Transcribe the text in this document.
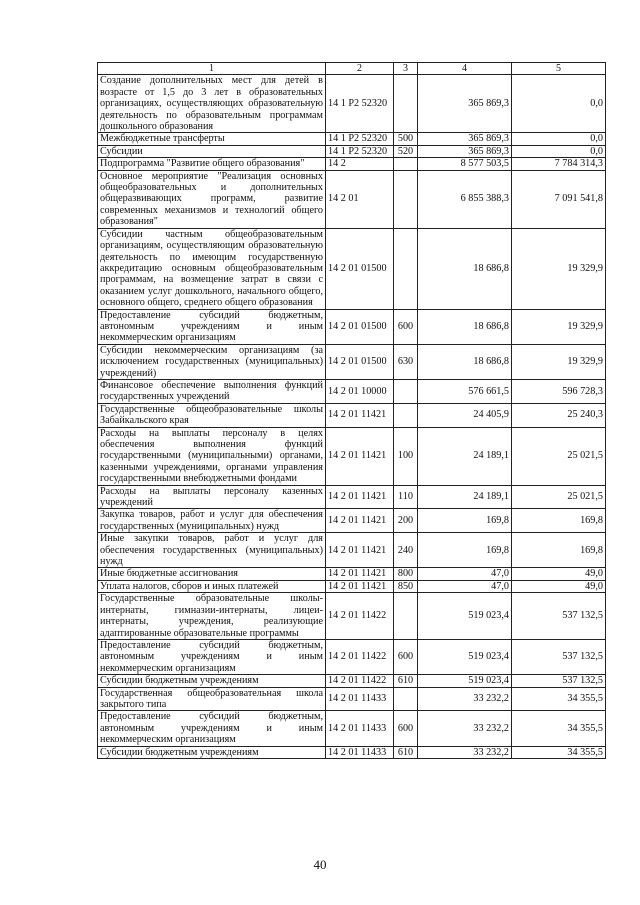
1	2	3	4	5
Создание дополнительных мест для детей в возрасте от 1,5 до 3 лет в образовательных организациях, осуществляющих образовательную деятельность по образовательным программам дошкольного образования	14 1 P2 52320		365 869,3	0,0
Межбюджетные трансферты	14 1 P2 52320	500	365 869,3	0,0
Субсидии	14 1 P2 52320	520	365 869,3	0,0
Подпрограмма "Развитие общего образования"	14 2		8 577 503,5	7 784 314,3
Основное мероприятие "Реализация основных общеобразовательных и дополнительных общеразвивающих программ, развитие современных механизмов и технологий общего образования"	14 2 01		6 855 388,3	7 091 541,8
Субсидии частным общеобразовательным организациям, осуществляющим образовательную деятельность по имеющим государственную аккредитацию основным общеобразовательным программам, на возмещение затрат в связи с оказанием услуг дошкольного, начального общего, основного общего, среднего общего образования	14 2 01 01500		18 686,8	19 329,9
Предоставление субсидий бюджетным, автономным учреждениям и иным некоммерческим организациям	14 2 01 01500	600	18 686,8	19 329,9
Субсидии некоммерческим организациям (за исключением государственных (муниципальных) учреждений)	14 2 01 01500	630	18 686,8	19 329,9
Финансовое обеспечение выполнения функций государственных учреждений	14 2 01 10000		576 661,5	596 728,3
Государственные общеобразовательные школы Забайкальского края	14 2 01 11421		24 405,9	25 240,3
Расходы на выплаты персоналу в целях обеспечения выполнения функций государственными (муниципальными) органами, казенными учреждениями, органами управления государственными внебюджетными фондами	14 2 01 11421	100	24 189,1	25 021,5
Расходы на выплаты персоналу казенных учреждений	14 2 01 11421	110	24 189,1	25 021,5
Закупка товаров, работ и услуг для обеспечения государственных (муниципальных) нужд	14 2 01 11421	200	169,8	169,8
Иные закупки товаров, работ и услуг для обеспечения государственных (муниципальных) нужд	14 2 01 11421	240	169,8	169,8
Иные бюджетные ассигнования	14 2 01 11421	800	47,0	49,0
Уплата налогов, сборов и иных платежей	14 2 01 11421	850	47,0	49,0
Государственные образовательные школы-интернаты, гимназии-интернаты, лицеи-интернаты, учреждения, реализующие адаптированные образовательные программы	14 2 01 11422		519 023,4	537 132,5
Предоставление субсидий бюджетным, автономным учреждениям и иным некоммерческим организациям	14 2 01 11422	600	519 023,4	537 132,5
Субсидии бюджетным учреждениям	14 2 01 11422	610	519 023,4	537 132,5
Государственная общеобразовательная школа закрытого типа	14 2 01 11433		33 232,2	34 355,5
Предоставление субсидий бюджетным, автономным учреждениям и иным некоммерческим организациям	14 2 01 11433	600	33 232,2	34 355,5
Субсидии бюджетным учреждениям	14 2 01 11433	610	33 232,2	34 355,5
40
